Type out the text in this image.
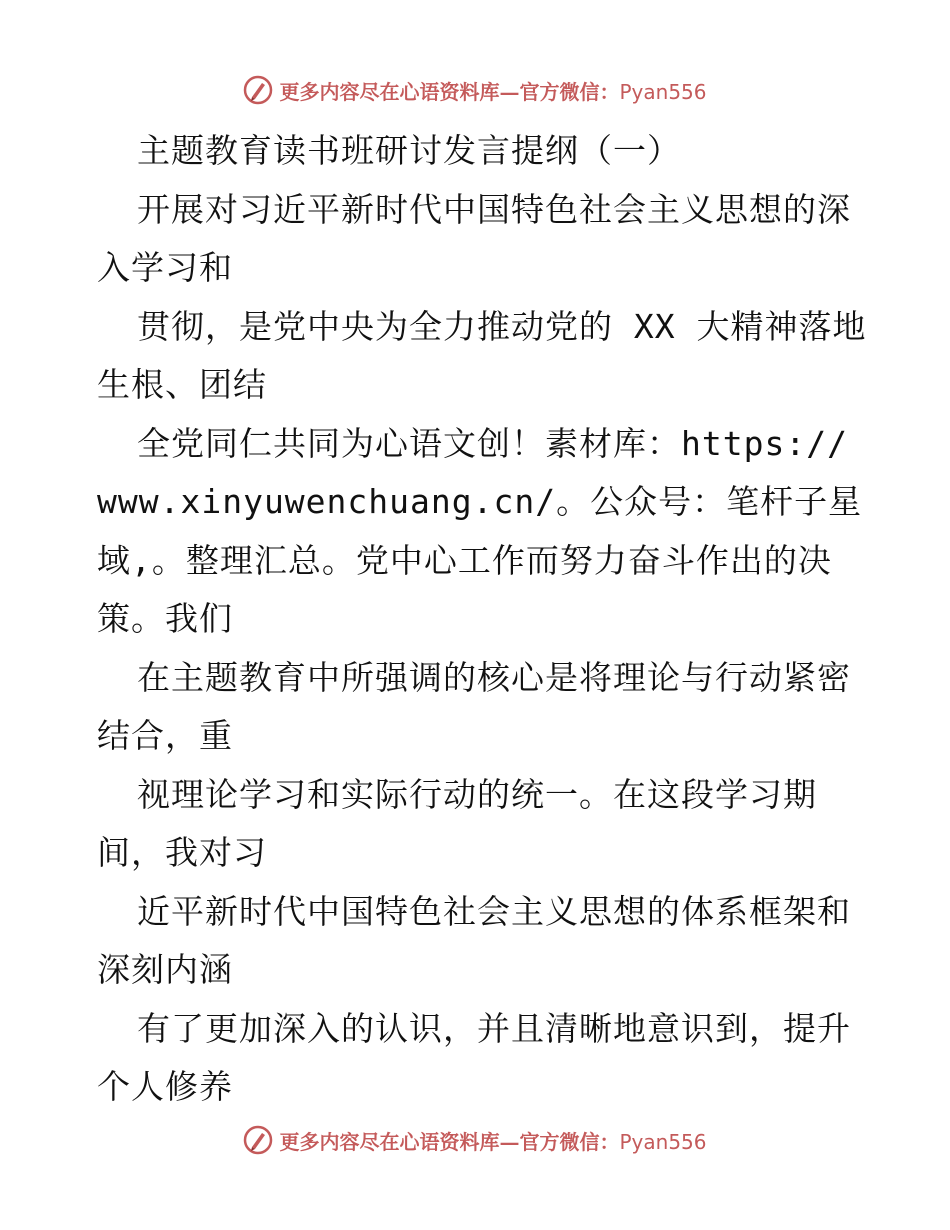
更多内容尽在心语资料库—官方微信：Pyan556
主题教育读书班研讨发言提纲（一）
开展对习近平新时代中国特色社会主义思想的深
入学习和
贯彻，是党中央为全力推动党的 XX 大精神落地
生根、团结
全党同仁共同为心语文创！素材库：https://
www.xinyuwenchuang.cn/。公众号：笔杆子星
域,。整理汇总。党中心工作而努力奋斗作出的决
策。我们
在主题教育中所强调的核心是将理论与行动紧密
结合，重
视理论学习和实际行动的统一。在这段学习期
间，我对习
近平新时代中国特色社会主义思想的体系框架和
深刻内涵
有了更加深入的认识，并且清晰地意识到，提升
个人修养
更多内容尽在心语资料库—官方微信：Pyan556
